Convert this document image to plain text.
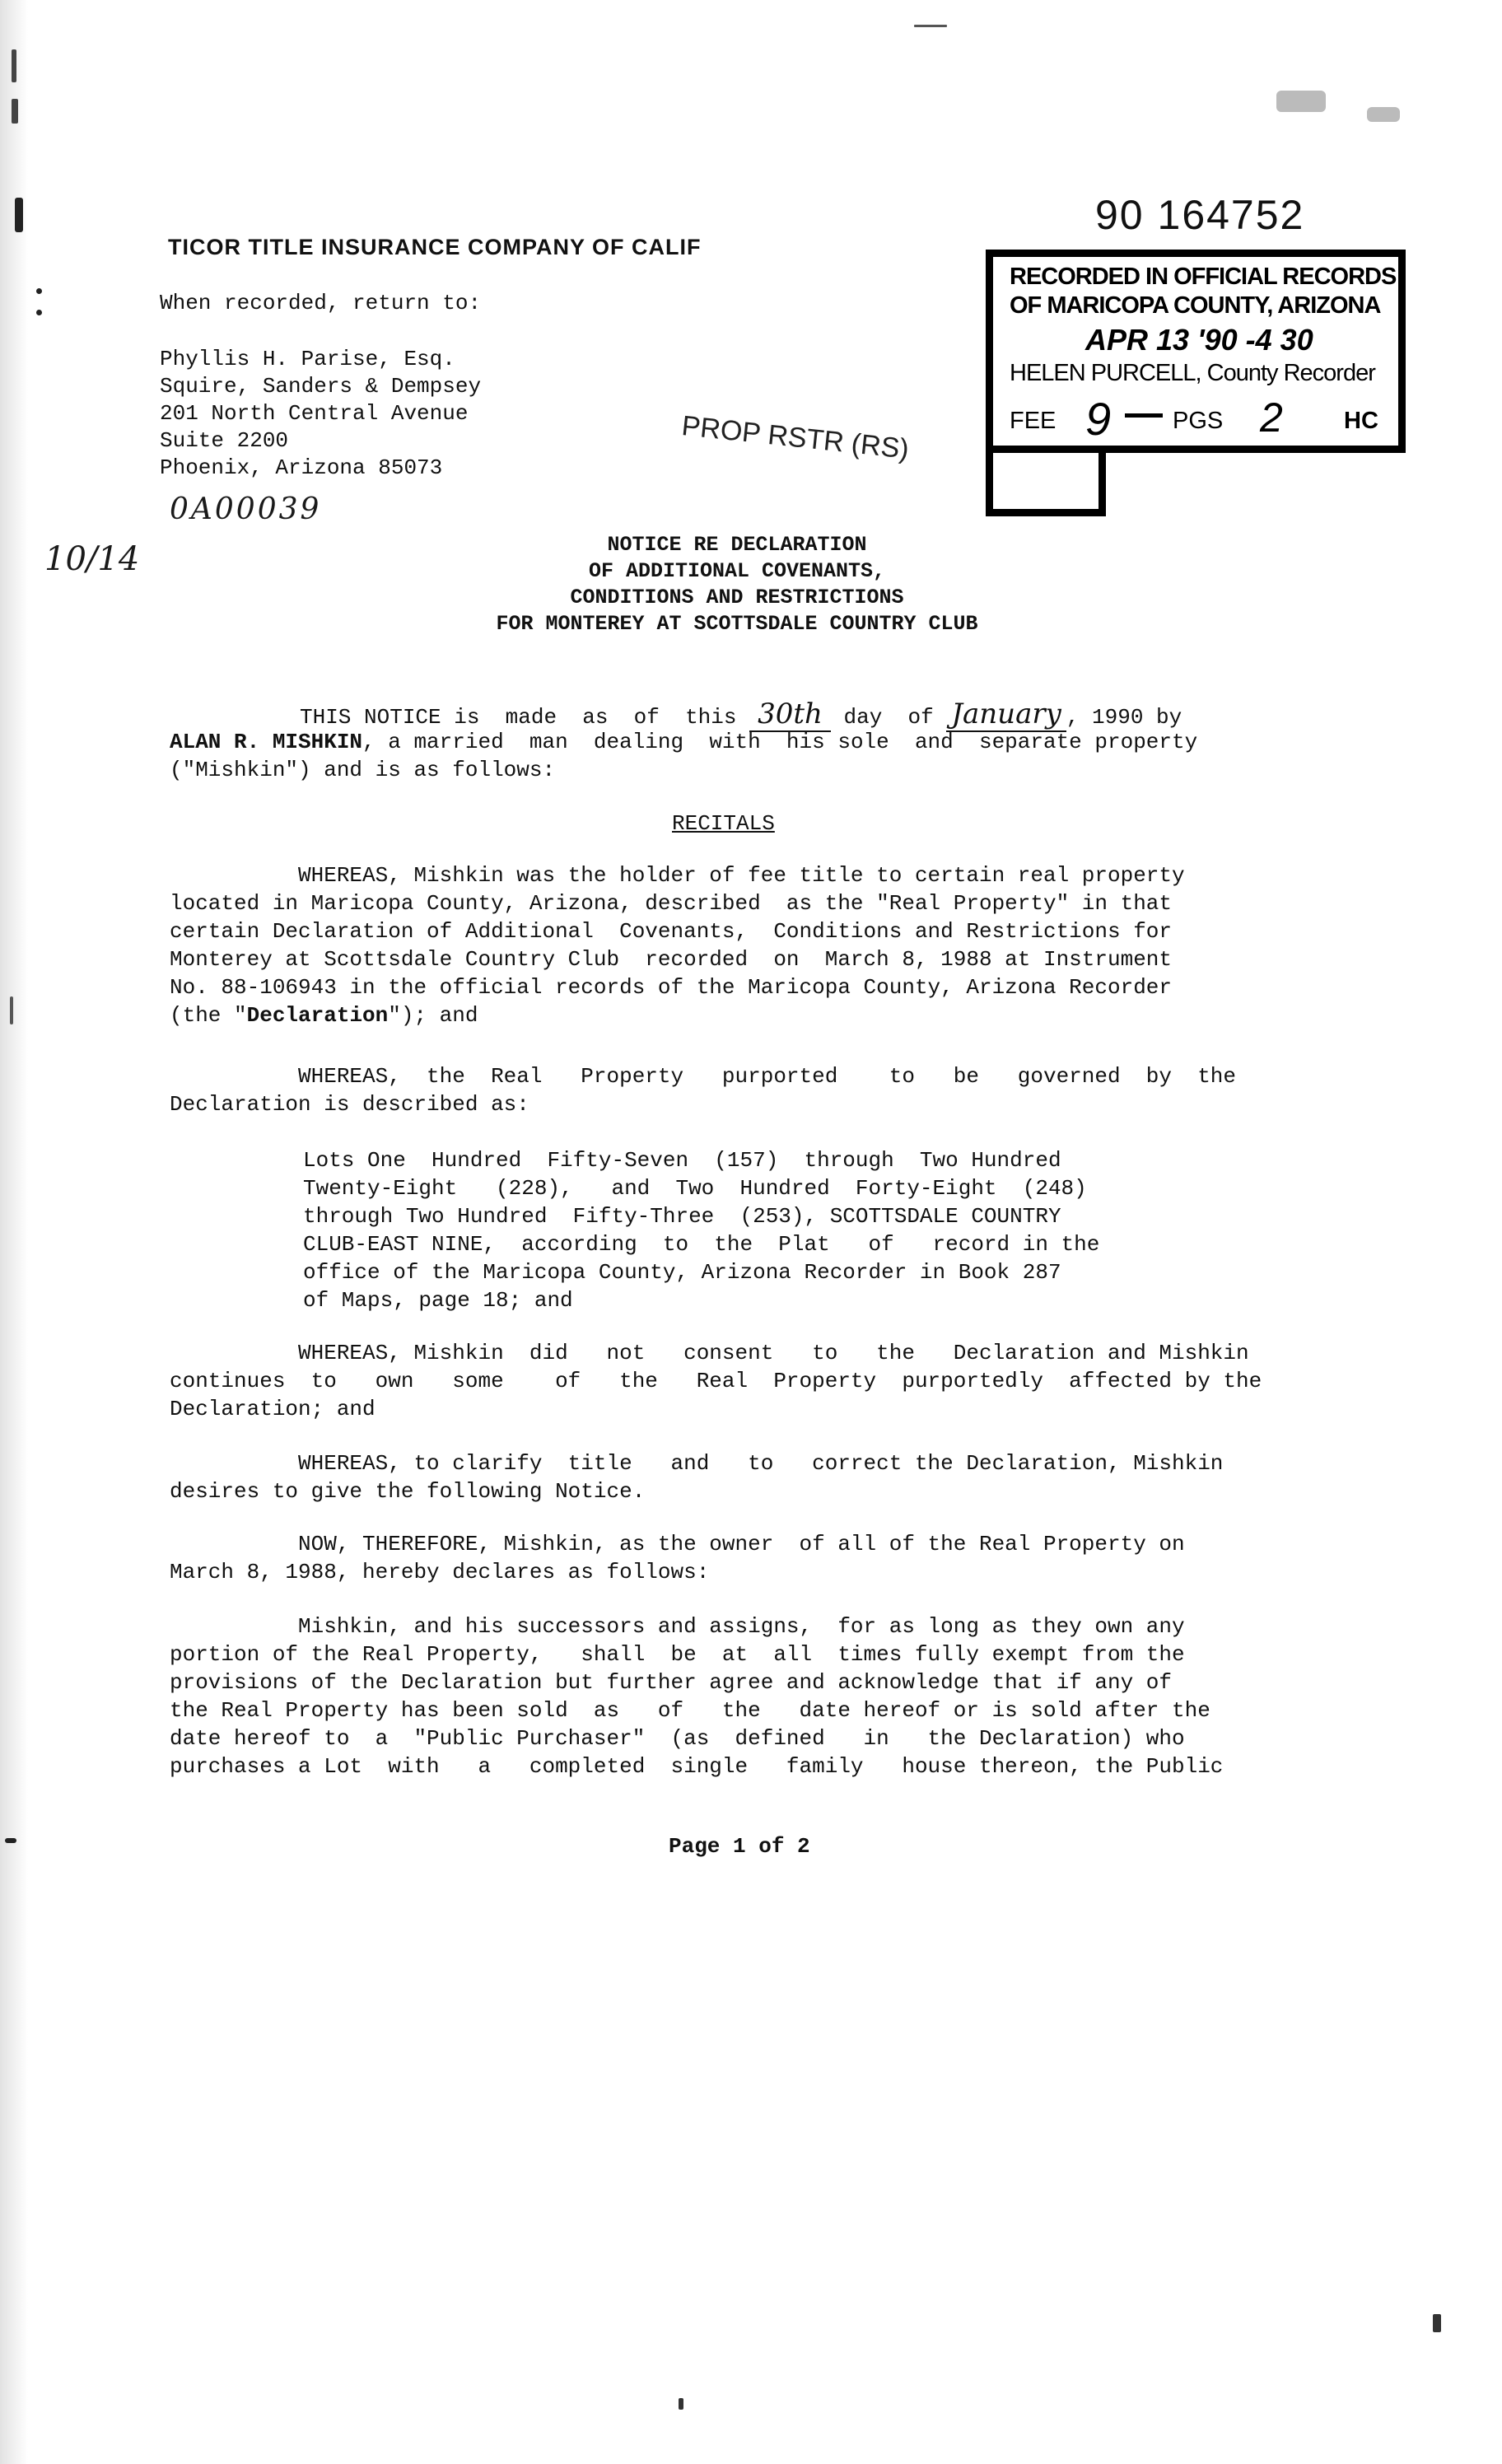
90 164752
TICOR TITLE INSURANCE COMPANY OF CALIF
When recorded, return to:
Phyllis H. Parise, Esq.
Squire, Sanders & Dempsey
201 North Central Avenue
Suite 2200
Phoenix, Arizona 85073
0A00039
10/14
PROP RSTR (RS)
RECORDED IN OFFICIAL RECORDS
OF MARICOPA COUNTY, ARIZONA
APR 13 '90 -4 30
HELEN PURCELL, County Recorder
FEE 9	PGS 2	HC
NOTICE RE DECLARATION
OF ADDITIONAL COVENANTS,
CONDITIONS AND RESTRICTIONS
FOR MONTEREY AT SCOTTSDALE COUNTRY CLUB
THIS NOTICE is  made  as  of  this 30th day  of January , 1990 by
ALAN R. MISHKIN, a married  man  dealing  with  his sole  and  separate property
("Mishkin") and is as follows:
RECITALS
WHEREAS, Mishkin was the holder of fee title to certain real property
located in Maricopa County, Arizona, described  as the "Real Property" in that
certain Declaration of Additional  Covenants,  Conditions and Restrictions for
Monterey at Scottsdale Country Club  recorded  on  March 8, 1988 at Instrument
No. 88-106943 in the official records of the Maricopa County, Arizona Recorder
(the "Declaration"); and
WHEREAS,  the  Real   Property   purported    to   be   governed  by  the
Declaration is described as:
Lots One  Hundred  Fifty-Seven  (157)  through  Two Hundred
Twenty-Eight   (228),   and  Two  Hundred  Forty-Eight  (248)
through Two Hundred  Fifty-Three  (253), SCOTTSDALE COUNTRY
CLUB-EAST NINE,  according  to  the  Plat   of   record in the
office of the Maricopa County, Arizona Recorder in Book 287
of Maps, page 18; and
WHEREAS, Mishkin  did   not   consent   to   the   Declaration and Mishkin
continues  to   own   some    of   the   Real  Property  purportedly  affected by the
Declaration; and
WHEREAS, to clarify  title   and   to   correct the Declaration, Mishkin
desires to give the following Notice.
NOW, THEREFORE, Mishkin, as the owner  of all of the Real Property on
March 8, 1988, hereby declares as follows:
Mishkin, and his successors and assigns,  for as long as they own any
portion of the Real Property,   shall  be  at  all  times fully exempt from the
provisions of the Declaration but further agree and acknowledge that if any of
the Real Property has been sold  as   of   the   date hereof or is sold after the
date hereof to  a  "Public Purchaser"  (as  defined   in   the Declaration) who
purchases a Lot  with   a   completed  single   family   house thereon, the Public
Page 1 of 2
